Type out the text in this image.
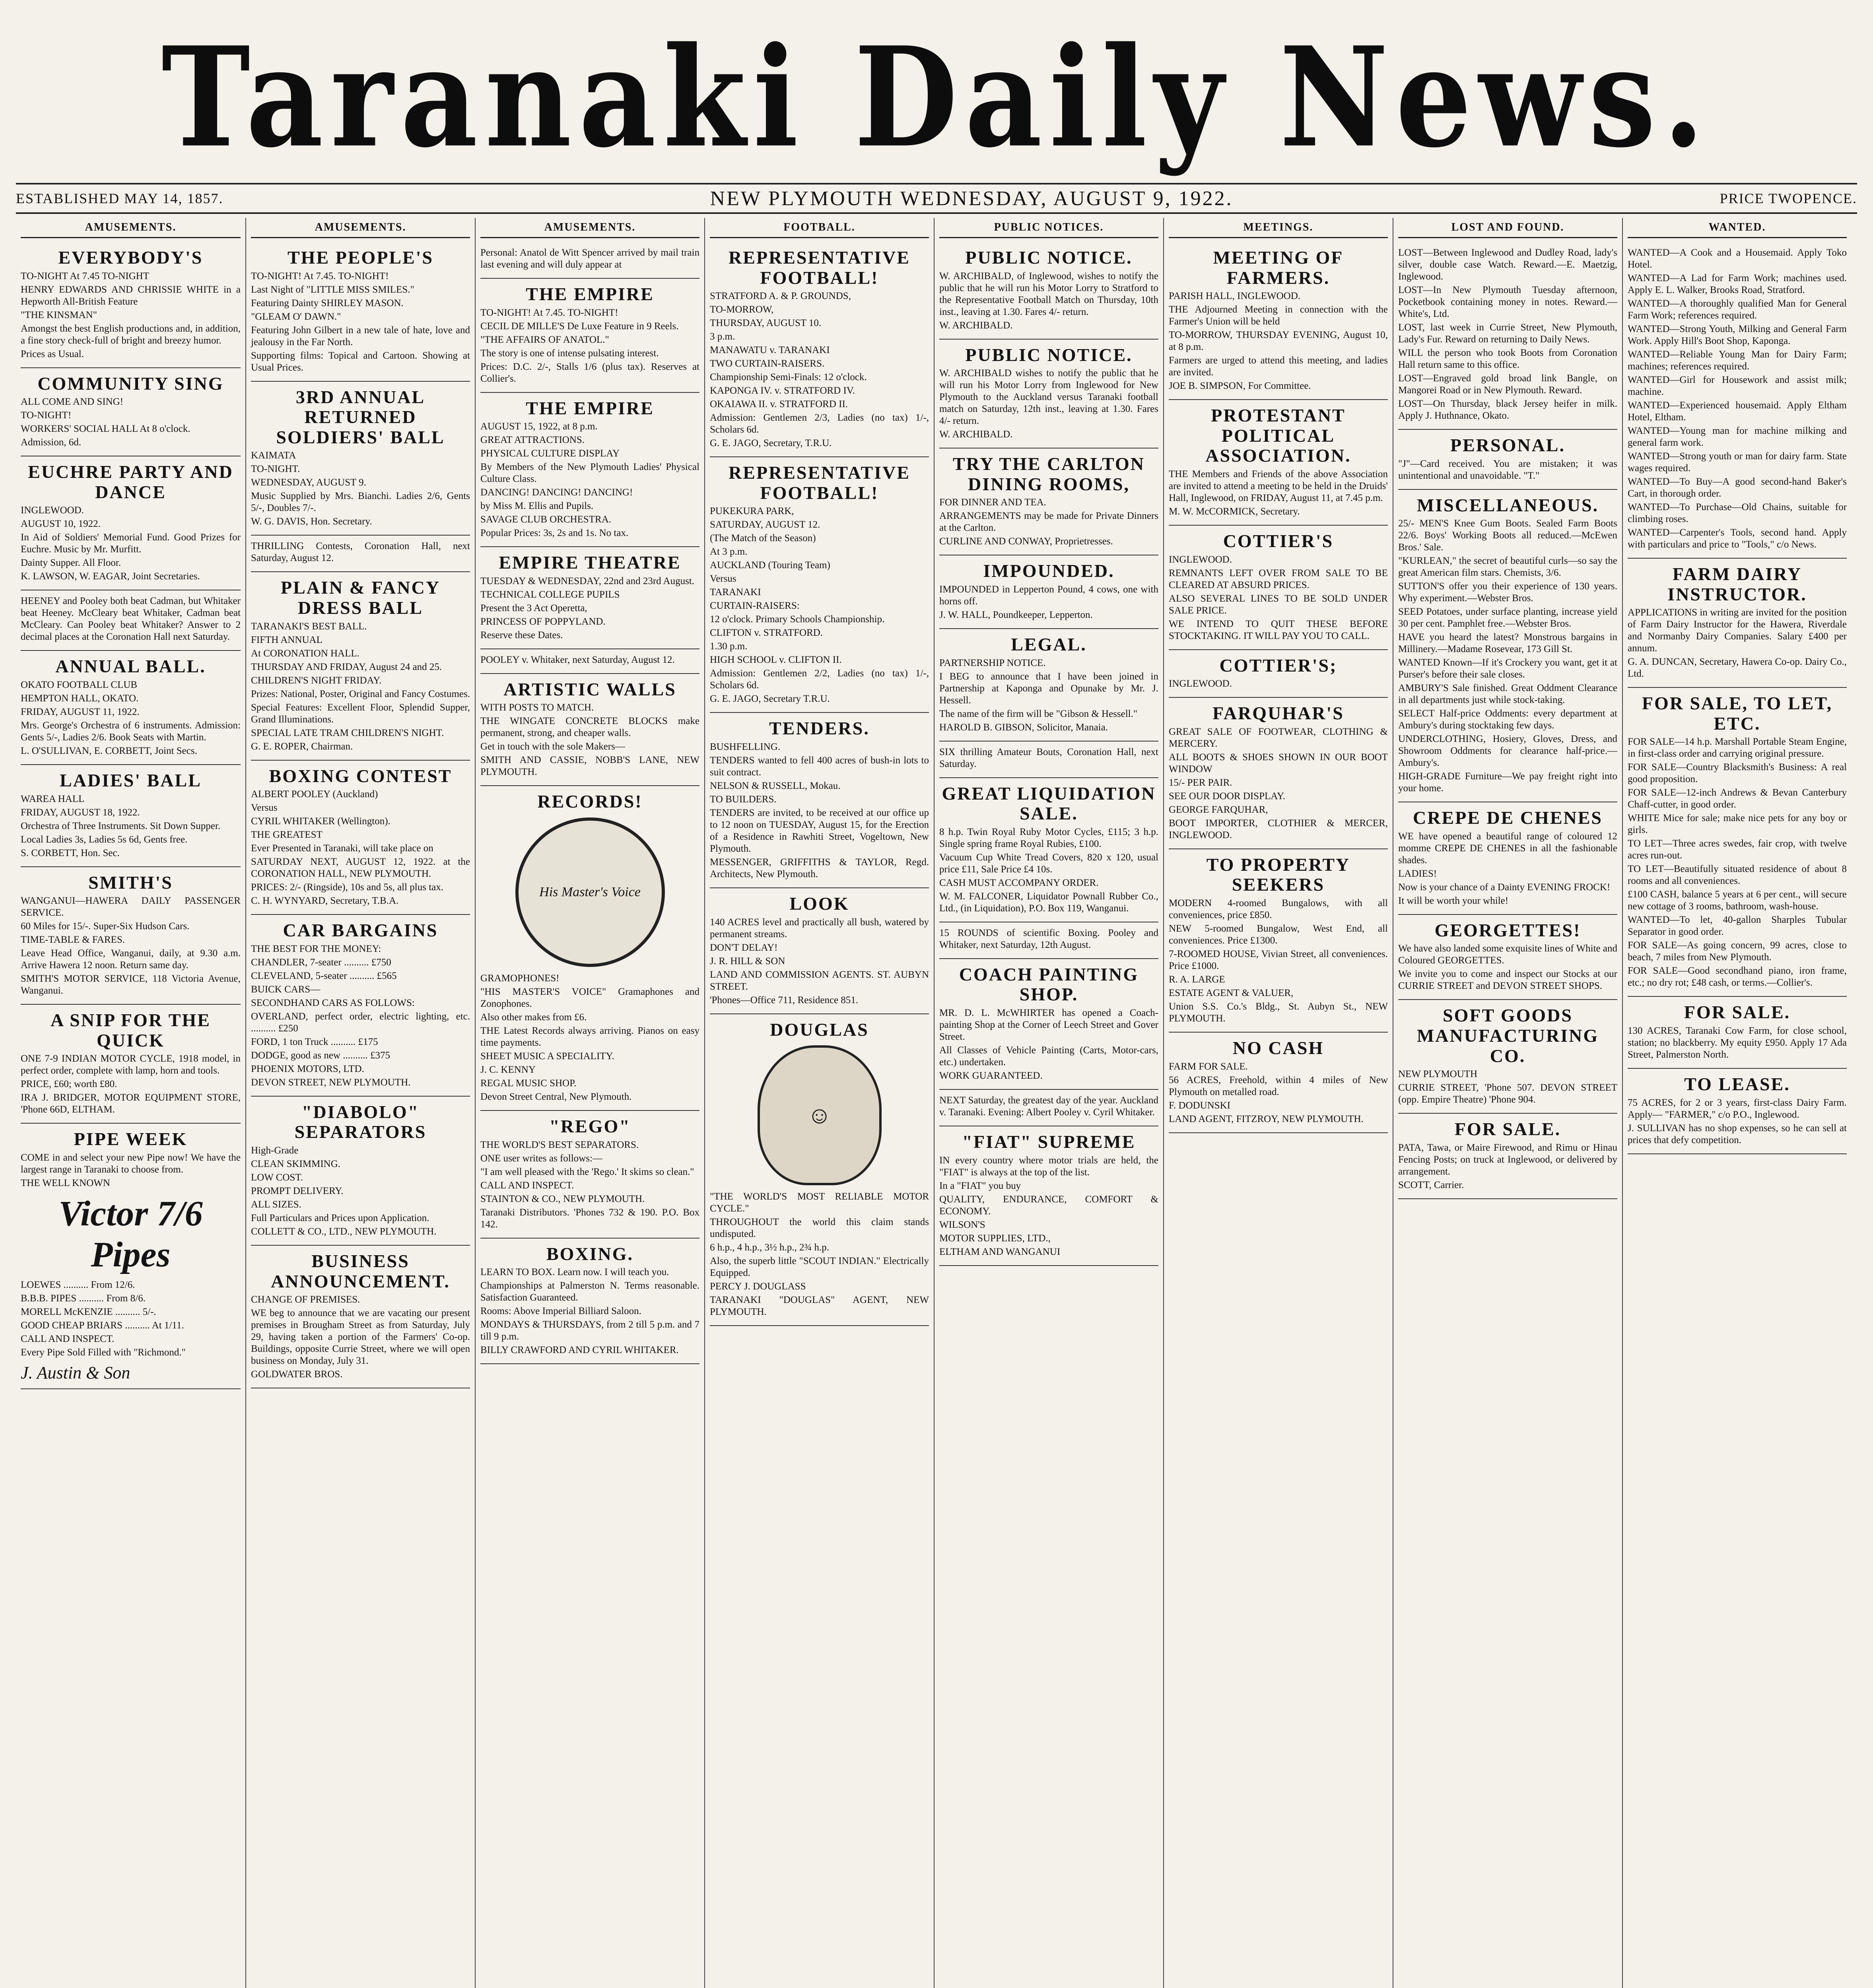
Taranaki Daily News.
ESTABLISHED MAY 14, 1857.	NEW PLYMOUTH WEDNESDAY, AUGUST 9, 1922.	PRICE TWOPENCE.
AMUSEMENTS.
EVERYBODY'S

TO-NIGHT At 7.45 TO-NIGHT

HENRY EDWARDS AND CHRISSIE WHITE in a Hepworth All-British Feature

"THE KINSMAN"

Amongst the best English productions and, in addition, a fine story check-full of bright and breezy humor.

Prices as Usual.

COMMUNITY SING

ALL COME AND SING!

TO-NIGHT!

WORKERS' SOCIAL HALL At 8 o'clock.

Admission, 6d.

EUCHRE PARTY AND DANCE

INGLEWOOD.

AUGUST 10, 1922.

In Aid of Soldiers' Memorial Fund. Good Prizes for Euchre. Music by Mr. Murfitt.

Dainty Supper. All Floor.

K. LAWSON, W. EAGAR, Joint Secretaries.

HEENEY and Pooley both beat Cadman, but Whitaker beat Heeney. McCleary beat Whitaker, Cadman beat McCleary. Can Pooley beat Whitaker? Answer to 2 decimal places at the Coronation Hall next Saturday.

ANNUAL BALL.

OKATO FOOTBALL CLUB

HEMPTON HALL, OKATO.

FRIDAY, AUGUST 11, 1922.

Mrs. George's Orchestra of 6 instruments. Admission: Gents 5/-, Ladies 2/6. Book Seats with Martin.

L. O'SULLIVAN, E. CORBETT, Joint Secs.

LADIES' BALL

WAREA HALL

FRIDAY, AUGUST 18, 1922.

Orchestra of Three Instruments. Sit Down Supper.

Local Ladies 3s, Ladies 5s 6d, Gents free.

S. CORBETT, Hon. Sec.

SMITH'S

WANGANUI—HAWERA DAILY PASSENGER SERVICE.

60 Miles for 15/-. Super-Six Hudson Cars.

TIME-TABLE & FARES.

Leave Head Office, Wanganui, daily, at 9.30 a.m. Arrive Hawera 12 noon. Return same day.

SMITH'S MOTOR SERVICE, 118 Victoria Avenue, Wanganui.

A SNIP FOR THE QUICK

ONE 7-9 INDIAN MOTOR CYCLE, 1918 model, in perfect order, complete with lamp, horn and tools.

PRICE, £60; worth £80.

IRA J. BRIDGER, MOTOR EQUIPMENT STORE, 'Phone 66D, ELTHAM.

PIPE WEEK

COME in and select your new Pipe now! We have the largest range in Taranaki to choose from.

THE WELL KNOWN

Victor 7/6 Pipes

LOEWES .......... From 12/6.

B.B.B. PIPES .......... From 8/6.

MORELL McKENZIE .......... 5/-.

GOOD CHEAP BRIARS .......... At 1/11.

CALL AND INSPECT.

Every Pipe Sold Filled with "Richmond."

J. Austin & Son
AMUSEMENTS.
THE PEOPLE'S

TO-NIGHT! At 7.45. TO-NIGHT!

Last Night of "LITTLE MISS SMILES."

Featuring Dainty SHIRLEY MASON.

"GLEAM O' DAWN."

Featuring John Gilbert in a new tale of hate, love and jealousy in the Far North.

Supporting films: Topical and Cartoon. Showing at Usual Prices.

3RD ANNUAL RETURNED SOLDIERS' BALL

KAIMATA

TO-NIGHT.

WEDNESDAY, AUGUST 9.

Music Supplied by Mrs. Bianchi. Ladies 2/6, Gents 5/-, Doubles 7/-.

W. G. DAVIS, Hon. Secretary.

THRILLING Contests, Coronation Hall, next Saturday, August 12.

PLAIN & FANCY DRESS BALL

TARANAKI'S BEST BALL.

FIFTH ANNUAL

At CORONATION HALL.

THURSDAY AND FRIDAY, August 24 and 25.

CHILDREN'S NIGHT FRIDAY.

Prizes: National, Poster, Original and Fancy Costumes.

Special Features: Excellent Floor, Splendid Supper, Grand Illuminations.

SPECIAL LATE TRAM CHILDREN'S NIGHT.

G. E. ROPER, Chairman.

BOXING CONTEST

ALBERT POOLEY (Auckland)

Versus

CYRIL WHITAKER (Wellington).

THE GREATEST

Ever Presented in Taranaki, will take place on

SATURDAY NEXT, AUGUST 12, 1922. at the CORONATION HALL, NEW PLYMOUTH.

PRICES: 2/- (Ringside), 10s and 5s, all plus tax.

C. H. WYNYARD, Secretary, T.B.A.

CAR BARGAINS

THE BEST FOR THE MONEY:

CHANDLER, 7-seater .......... £750

CLEVELAND, 5-seater .......... £565

BUICK CARS—

SECONDHAND CARS AS FOLLOWS:

OVERLAND, perfect order, electric lighting, etc. .......... £250

FORD, 1 ton Truck .......... £175

DODGE, good as new .......... £375

PHOENIX MOTORS, LTD.

DEVON STREET, NEW PLYMOUTH.

"DIABOLO" SEPARATORS

High-Grade

CLEAN SKIMMING.

LOW COST.

PROMPT DELIVERY.

ALL SIZES.

Full Particulars and Prices upon Application.

COLLETT & CO., LTD., NEW PLYMOUTH.

BUSINESS ANNOUNCEMENT.

CHANGE OF PREMISES.

WE beg to announce that we are vacating our present premises in Brougham Street as from Saturday, July 29, having taken a portion of the Farmers' Co-op. Buildings, opposite Currie Street, where we will open business on Monday, July 31.

GOLDWATER BROS.

AMUSEMENTS.

Personal: Anatol de Witt Spencer arrived by mail train last evening and will duly appear at

THE EMPIRE

TO-NIGHT! At 7.45. TO-NIGHT!

CECIL DE MILLE'S De Luxe Feature in 9 Reels.

"THE AFFAIRS OF ANATOL."

The story is one of intense pulsating interest.

Prices: D.C. 2/-, Stalls 1/6 (plus tax). Reserves at Collier's.

THE EMPIRE

AUGUST 15, 1922, at 8 p.m.

GREAT ATTRACTIONS.

PHYSICAL CULTURE DISPLAY

By Members of the New Plymouth Ladies' Physical Culture Class.

DANCING! DANCING! DANCING!

by Miss M. Ellis and Pupils.

SAVAGE CLUB ORCHESTRA.

Popular Prices: 3s, 2s and 1s. No tax.

EMPIRE THEATRE

TUESDAY & WEDNESDAY, 22nd and 23rd August.

TECHNICAL COLLEGE PUPILS

Present the 3 Act Operetta,

PRINCESS OF POPPYLAND.

Reserve these Dates.

POOLEY v. Whitaker, next Saturday, August 12.

ARTISTIC WALLS

WITH POSTS TO MATCH.

THE WINGATE CONCRETE BLOCKS make permanent, strong, and cheaper walls.

Get in touch with the sole Makers—

SMITH AND CASSIE, NOBB'S LANE, NEW PLYMOUTH.

RECORDS!
His Master's Voice

GRAMOPHONES!

"HIS MASTER'S VOICE" Gramaphones and Zonophones.

Also other makes from £6.

THE Latest Records always arriving. Pianos on easy time payments.

SHEET MUSIC A SPECIALITY.

J. C. KENNY

REGAL MUSIC SHOP.

Devon Street Central, New Plymouth.

"REGO"

THE WORLD'S BEST SEPARATORS.

ONE user writes as follows:—

"I am well pleased with the 'Rego.' It skims so clean."

CALL AND INSPECT.

STAINTON & CO., NEW PLYMOUTH.

Taranaki Distributors. 'Phones 732 & 190. P.O. Box 142.

BOXING.

LEARN TO BOX. Learn now. I will teach you.

Championships at Palmerston N. Terms reasonable. Satisfaction Guaranteed.

Rooms: Above Imperial Billiard Saloon.

MONDAYS & THURSDAYS, from 2 till 5 p.m. and 7 till 9 p.m.

BILLY CRAWFORD AND CYRIL WHITAKER.

FOOTBALL.
REPRESENTATIVE FOOTBALL!

STRATFORD A. & P. GROUNDS,

TO-MORROW,

THURSDAY, AUGUST 10.

3 p.m.

MANAWATU v. TARANAKI

TWO CURTAIN-RAISERS.

Championship Semi-Finals: 12 o'clock.

KAPONGA IV. v. STRATFORD IV.

OKAIAWA II. v. STRATFORD II.

Admission: Gentlemen 2/3, Ladies (no tax) 1/-, Scholars 6d.

G. E. JAGO, Secretary, T.R.U.

REPRESENTATIVE FOOTBALL!

PUKEKURA PARK,

SATURDAY, AUGUST 12.

(The Match of the Season)

At 3 p.m.

AUCKLAND (Touring Team)

Versus

TARANAKI

CURTAIN-RAISERS:

12 o'clock. Primary Schools Championship.

CLIFTON v. STRATFORD.

1.30 p.m.

HIGH SCHOOL v. CLIFTON II.

Admission: Gentlemen 2/2, Ladies (no tax) 1/-, Scholars 6d.

G. E. JAGO, Secretary T.R.U.

TENDERS.

BUSHFELLING.

TENDERS wanted to fell 400 acres of bush-in lots to suit contract.

NELSON & RUSSELL, Mokau.

TO BUILDERS.

TENDERS are invited, to be received at our office up to 12 noon on TUESDAY, August 15, for the Erection of a Residence in Rawhiti Street, Vogeltown, New Plymouth.

MESSENGER, GRIFFITHS & TAYLOR, Regd. Architects, New Plymouth.

LOOK

140 ACRES level and practically all bush, watered by permanent streams.

DON'T DELAY!

J. R. HILL & SON

LAND AND COMMISSION AGENTS. ST. AUBYN STREET.

'Phones—Office 711, Residence 851.

DOUGLAS
☺

"THE WORLD'S MOST RELIABLE MOTOR CYCLE."

THROUGHOUT the world this claim stands undisputed.

6 h.p., 4 h.p., 3½ h.p., 2¾ h.p.

Also, the superb little "SCOUT INDIAN." Electrically Equipped.

PERCY J. DOUGLASS

TARANAKI "DOUGLAS" AGENT, NEW PLYMOUTH.

PUBLIC NOTICES.
PUBLIC NOTICE.

W. ARCHIBALD, of Inglewood, wishes to notify the public that he will run his Motor Lorry to Stratford to the Representative Football Match on Thursday, 10th inst., leaving at 1.30. Fares 4/- return.

W. ARCHIBALD.

PUBLIC NOTICE.

W. ARCHIBALD wishes to notify the public that he will run his Motor Lorry from Inglewood for New Plymouth to the Auckland versus Taranaki football match on Saturday, 12th inst., leaving at 1.30. Fares 4/- return.

W. ARCHIBALD.

TRY THE CARLTON DINING ROOMS,

FOR DINNER AND TEA.

ARRANGEMENTS may be made for Private Dinners at the Carlton.

CURLINE AND CONWAY, Proprietresses.

IMPOUNDED.

IMPOUNDED in Lepperton Pound, 4 cows, one with horns off.

J. W. HALL, Poundkeeper, Lepperton.

LEGAL.

PARTNERSHIP NOTICE.

I BEG to announce that I have been joined in Partnership at Kaponga and Opunake by Mr. J. Hessell.

The name of the firm will be "Gibson & Hessell."

HAROLD B. GIBSON, Solicitor, Manaia.

SIX thrilling Amateur Bouts, Coronation Hall, next Saturday.

GREAT LIQUIDATION SALE.

8 h.p. Twin Royal Ruby Motor Cycles, £115; 3 h.p. Single spring frame Royal Rubies, £100.

Vacuum Cup White Tread Covers, 820 x 120, usual price £11, Sale Price £4 10s.

CASH MUST ACCOMPANY ORDER.

W. M. FALCONER, Liquidator Pownall Rubber Co., Ltd., (in Liquidation), P.O. Box 119, Wanganui.

15 ROUNDS of scientific Boxing. Pooley and Whitaker, next Saturday, 12th August.

COACH PAINTING SHOP.

MR. D. L. McWHIRTER has opened a Coach-painting Shop at the Corner of Leech Street and Gover Street.

All Classes of Vehicle Painting (Carts, Motor-cars, etc.) undertaken.

WORK GUARANTEED.

NEXT Saturday, the greatest day of the year. Auckland v. Taranaki. Evening: Albert Pooley v. Cyril Whitaker.

"FIAT" SUPREME

IN every country where motor trials are held, the "FIAT" is always at the top of the list.

In a "FIAT" you buy

QUALITY, ENDURANCE, COMFORT & ECONOMY.

WILSON'S

MOTOR SUPPLIES, LTD.,

ELTHAM AND WANGANUI

MEETINGS.
MEETING OF FARMERS.

PARISH HALL, INGLEWOOD.

THE Adjourned Meeting in connection with the Farmer's Union will be held

TO-MORROW, THURSDAY EVENING, August 10, at 8 p.m.

Farmers are urged to attend this meeting, and ladies are invited.

JOE B. SIMPSON, For Committee.

PROTESTANT POLITICAL ASSOCIATION.

THE Members and Friends of the above Association are invited to attend a meeting to be held in the Druids' Hall, Inglewood, on FRIDAY, August 11, at 7.45 p.m.

M. W. McCORMICK, Secretary.

COTTIER'S

INGLEWOOD.

REMNANTS LEFT OVER FROM SALE TO BE CLEARED AT ABSURD PRICES.

ALSO SEVERAL LINES TO BE SOLD UNDER SALE PRICE.

WE INTEND TO QUIT THESE BEFORE STOCKTAKING. IT WILL PAY YOU TO CALL.

COTTIER'S;

INGLEWOOD.

FARQUHAR'S

GREAT SALE OF FOOTWEAR, CLOTHING & MERCERY.

ALL BOOTS & SHOES SHOWN IN OUR BOOT WINDOW

15/- PER PAIR.

SEE OUR DOOR DISPLAY.

GEORGE FARQUHAR,

BOOT IMPORTER, CLOTHIER & MERCER, INGLEWOOD.

TO PROPERTY SEEKERS

MODERN 4-roomed Bungalows, with all conveniences, price £850.

NEW 5-roomed Bungalow, West End, all conveniences. Price £1300.

7-ROOMED HOUSE, Vivian Street, all conveniences. Price £1000.

R. A. LARGE

ESTATE AGENT & VALUER,

Union S.S. Co.'s Bldg., St. Aubyn St., NEW PLYMOUTH.

NO CASH

FARM FOR SALE.

56 ACRES, Freehold, within 4 miles of New Plymouth on metalled road.

F. DODUNSKI

LAND AGENT, FITZROY, NEW PLYMOUTH.

LOST AND FOUND.

LOST—Between Inglewood and Dudley Road, lady's silver, double case Watch. Reward.—E. Maetzig, Inglewood.

LOST—In New Plymouth Tuesday afternoon, Pocketbook containing money in notes. Reward.—White's, Ltd.

LOST, last week in Currie Street, New Plymouth, Lady's Fur. Reward on returning to Daily News.

WILL the person who took Boots from Coronation Hall return same to this office.

LOST—Engraved gold broad link Bangle, on Mangorei Road or in New Plymouth. Reward.

LOST—On Thursday, black Jersey heifer in milk. Apply J. Huthnance, Okato.

PERSONAL.

"J"—Card received. You are mistaken; it was unintentional and unavoidable. "T."

MISCELLANEOUS.

25/- MEN'S Knee Gum Boots. Sealed Farm Boots 22/6. Boys' Working Boots all reduced.—McEwen Bros.' Sale.

"KURLEAN," the secret of beautiful curls—so say the great American film stars. Chemists, 3/6.

SUTTON'S offer you their experience of 130 years. Why experiment.—Webster Bros.

SEED Potatoes, under surface planting, increase yield 30 per cent. Pamphlet free.—Webster Bros.

HAVE you heard the latest? Monstrous bargains in Millinery.—Madame Rosevear, 173 Gill St.

WANTED Known—If it's Crockery you want, get it at Purser's before their sale closes.

AMBURY'S Sale finished. Great Oddment Clearance in all departments just while stock-taking.

SELECT Half-price Oddments: every department at Ambury's during stocktaking few days.

UNDERCLOTHING, Hosiery, Gloves, Dress, and Showroom Oddments for clearance half-price.—Ambury's.

HIGH-GRADE Furniture—We pay freight right into your home.

CREPE DE CHENES

WE have opened a beautiful range of coloured 12 momme CREPE DE CHENES in all the fashionable shades.

LADIES!

Now is your chance of a Dainty EVENING FROCK!

It will be worth your while!

GEORGETTES!

We have also landed some exquisite lines of White and Coloured GEORGETTES.

We invite you to come and inspect our Stocks at our CURRIE STREET and DEVON STREET SHOPS.

SOFT GOODS MANUFACTURING CO.

NEW PLYMOUTH

CURRIE STREET, 'Phone 507. DEVON STREET (opp. Empire Theatre) 'Phone 904.

FOR SALE.

PATA, Tawa, or Maire Firewood, and Rimu or Hinau Fencing Posts; on truck at Inglewood, or delivered by arrangement.

SCOTT, Carrier.

WANTED.

WANTED—A Cook and a Housemaid. Apply Toko Hotel.

WANTED—A Lad for Farm Work; machines used. Apply E. L. Walker, Brooks Road, Stratford.

WANTED—A thoroughly qualified Man for General Farm Work; references required.

WANTED—Strong Youth, Milking and General Farm Work. Apply Hill's Boot Shop, Kaponga.

WANTED—Reliable Young Man for Dairy Farm; machines; references required.

WANTED—Girl for Housework and assist milk; machine.

WANTED—Experienced housemaid. Apply Eltham Hotel, Eltham.

WANTED—Young man for machine milking and general farm work.

WANTED—Strong youth or man for dairy farm. State wages required.

WANTED—To Buy—A good second-hand Baker's Cart, in thorough order.

WANTED—To Purchase—Old Chains, suitable for climbing roses.

WANTED—Carpenter's Tools, second hand. Apply with particulars and price to "Tools," c/o News.

FARM DAIRY INSTRUCTOR.

APPLICATIONS in writing are invited for the position of Farm Dairy Instructor for the Hawera, Riverdale and Normanby Dairy Companies. Salary £400 per annum.

G. A. DUNCAN, Secretary, Hawera Co-op. Dairy Co., Ltd.

FOR SALE, TO LET, ETC.

FOR SALE—14 h.p. Marshall Portable Steam Engine, in first-class order and carrying original pressure.

FOR SALE—Country Blacksmith's Business: A real good proposition.

FOR SALE—12-inch Andrews & Bevan Canterbury Chaff-cutter, in good order.

WHITE Mice for sale; make nice pets for any boy or girls.

TO LET—Three acres swedes, fair crop, with twelve acres run-out.

TO LET—Beautifully situated residence of about 8 rooms and all conveniences.

£100 CASH, balance 5 years at 6 per cent., will secure new cottage of 3 rooms, bathroom, wash-house.

WANTED—To let, 40-gallon Sharples Tubular Separator in good order.

FOR SALE—As going concern, 99 acres, close to beach, 7 miles from New Plymouth.

FOR SALE—Good secondhand piano, iron frame, etc.; no dry rot; £48 cash, or terms.—Collier's.

FOR SALE.

130 ACRES, Taranaki Cow Farm, for close school, station; no blackberry. My equity £950. Apply 17 Ada Street, Palmerston North.

TO LEASE.

75 ACRES, for 2 or 3 years, first-class Dairy Farm. Apply— "FARMER," c/o P.O., Inglewood.

J. SULLIVAN has no shop expenses, so he can sell at prices that defy competition.
